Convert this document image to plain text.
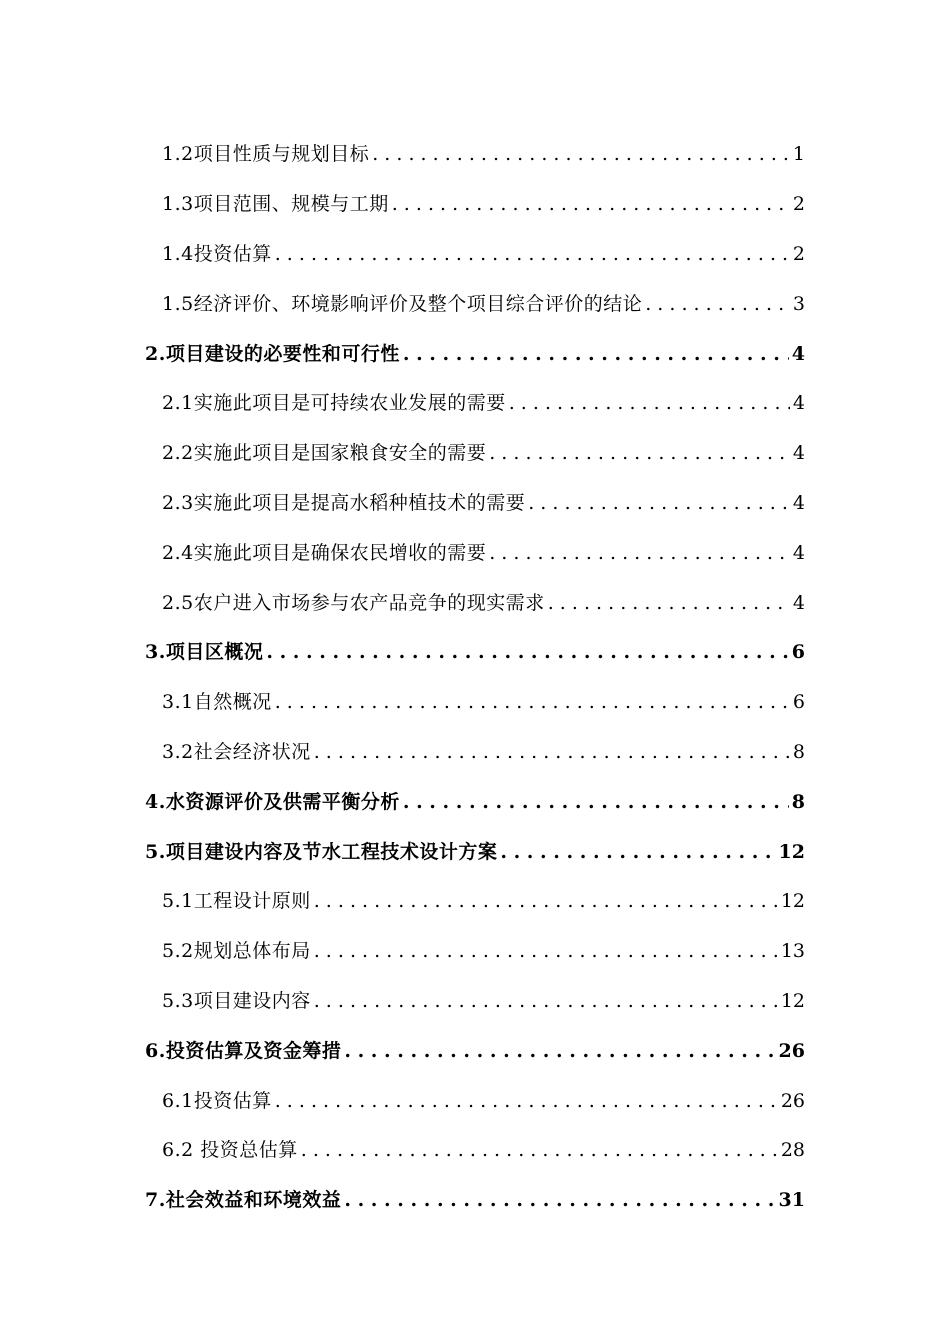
1.2项目性质与规划目标 . . .	1
1.3项目范围、规模与工期 . . .	2
1.4投资估算 . . .	2
1.5经济评价、环境影响评价及整个项目综合评价的结论 . . .	3
2.项目建设的必要性和可行性 . . .	4
2.1实施此项目是可持续农业发展的需要 . . .	4
2.2实施此项目是国家粮食安全的需要 . . .	4
2.3实施此项目是提高水稻种植技术的需要 . . .	4
2.4实施此项目是确保农民增收的需要 . . .	4
2.5农户进入市场参与农产品竞争的现实需求 . . .	4
3.项目区概况 . . .	6
3.1自然概况 . . .	6
3.2社会经济状况 . . .	8
4.水资源评价及供需平衡分析 . . .	8
5.项目建设内容及节水工程技术设计方案 . . .	12
5.1工程设计原则 . . .	12
5.2规划总体布局 . . .	13
5.3项目建设内容 . . .	12
6.投资估算及资金筹措 . . .	26
6.1投资估算 . . .	26
6.2 投资总估算 . . .	28
7.社会效益和环境效益 . . .	31
